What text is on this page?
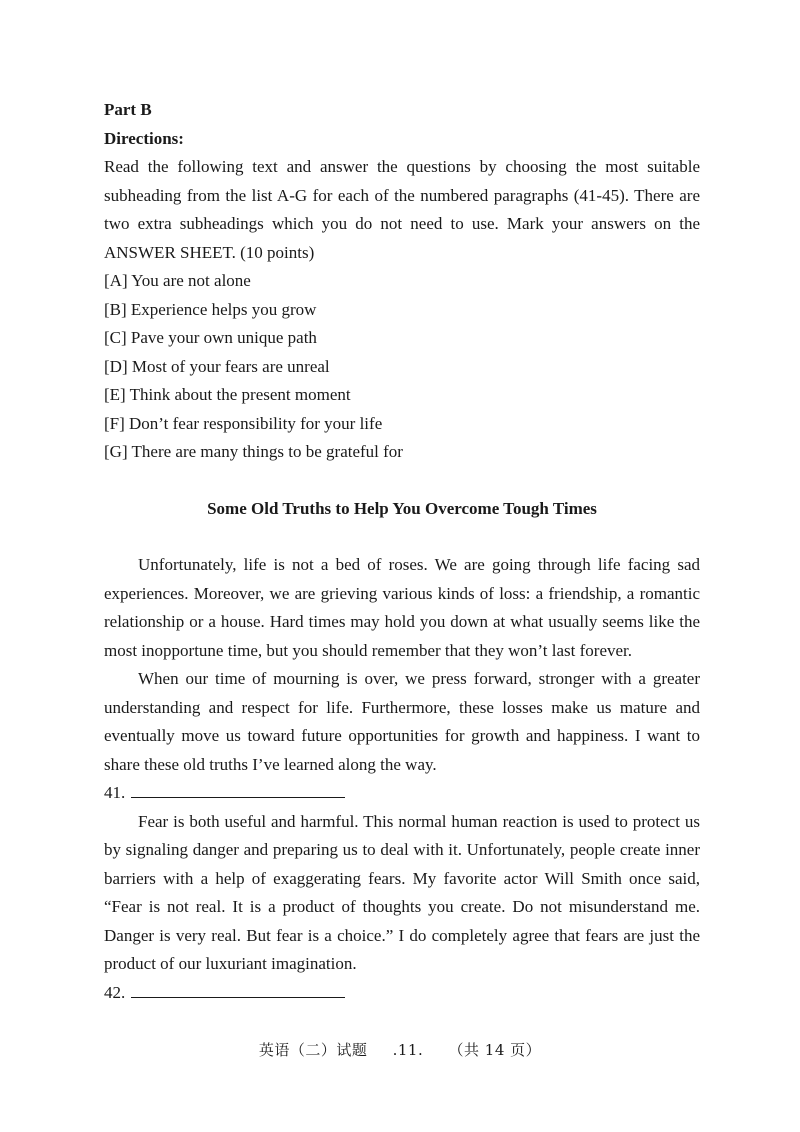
Part B

Directions:

Read the following text and answer the questions by choosing the most suitable subheading from the list A-G for each of the numbered paragraphs (41-45). There are two extra subheadings which you do not need to use. Mark your answers on the ANSWER SHEET. (10 points)

[A] You are not alone
[B] Experience helps you grow
[C] Pave your own unique path
[D] Most of your fears are unreal
[E] Think about the present moment
[F] Don’t fear responsibility for your life
[G] There are many things to be grateful for

Some Old Truths to Help You Overcome Tough Times

Unfortunately, life is not a bed of roses. We are going through life facing sad experiences. Moreover, we are grieving various kinds of loss: a friendship, a romantic relationship or a house. Hard times may hold you down at what usually seems like the most inopportune time, but you should remember that they won’t last forever.

When our time of mourning is over, we press forward, stronger with a greater understanding and respect for life. Furthermore, these losses make us mature and eventually move us toward future opportunities for growth and happiness. I want to share these old truths I’ve learned along the way.

41.

Fear is both useful and harmful. This normal human reaction is used to protect us by signaling danger and preparing us to deal with it. Unfortunately, people create inner barriers with a help of exaggerating fears. My favorite actor Will Smith once said, “Fear is not real. It is a product of thoughts you create. Do not misunderstand me. Danger is very real. But fear is a choice.” I do completely agree that fears are just the product of our luxuriant imagination.

42.
英语（二）试题 .11. （共 14 页）
